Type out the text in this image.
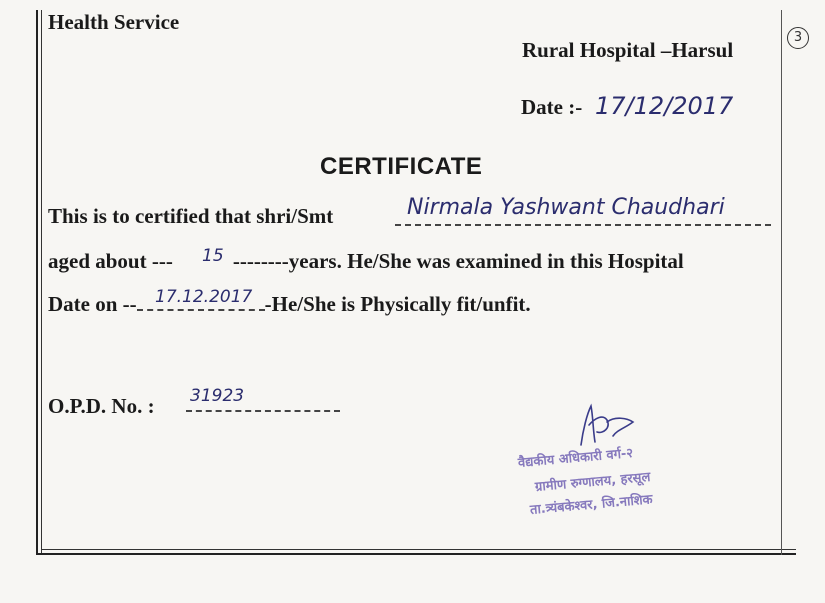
Health Service
Rural Hospital –Harsul
3
Date :- 17/12/2017
CERTIFICATE
This is to certified that shri/Smt	Nirmala Yashwant Chaudhari
aged about ---	--------years. He/She was examined in this Hospital
15
Date on --	-He/She is Physically fit/unfit.
17.12.2017
O.P.D. No. : 31923
वैद्यकीय अधिकारी वर्ग-२
ग्रामीण रुग्णालय, हरसूल
ता.त्र्यंबकेश्वर, जि.नाशिक
